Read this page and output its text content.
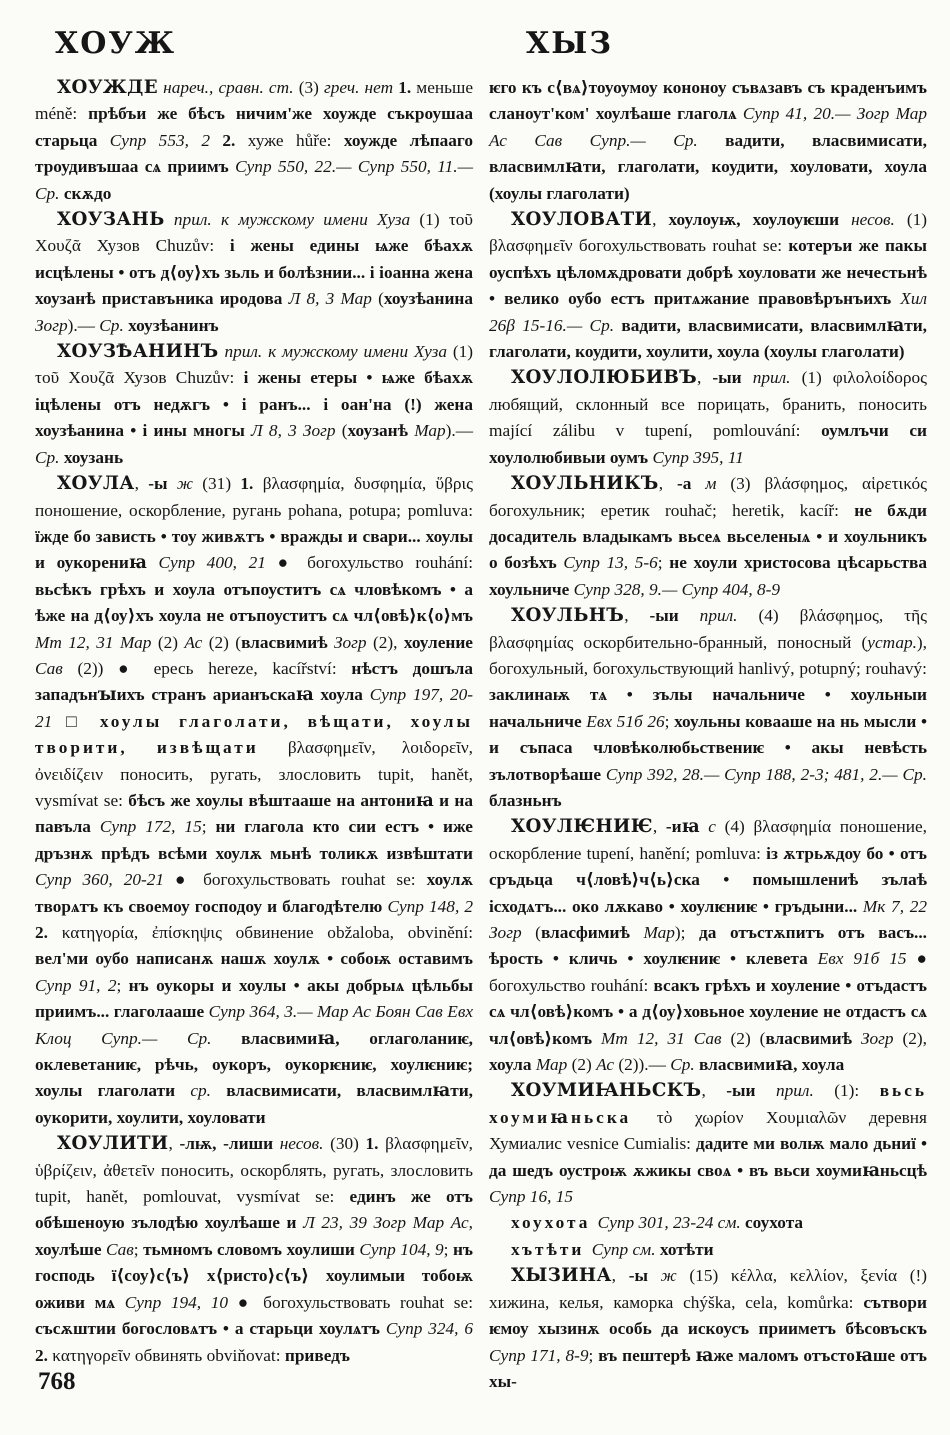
ХОУЖ	ХЫЗ

ХОУЖДЕ нареч., сравн. ст. (3) греч. нет 1. меньше méně: прѣбъи же бѣсъ ничим'же хоужде съкроушаа старьца Супр 553, 2 2. хуже hůře: хоужде лѣпааго троудивъшаа сѧ приимъ Супр 550, 22.— Супр 550, 11.— Ср. скѫдо

ХОУЗАНЬ прил. к мужскому имени Хуза (1) τοῦ Χουζᾶ Хузов Chuzův: і жены едины ѩже бѣахѫ исцѣлены • отъ д⟨оу⟩хъ зьль и болѣзнии... і іоанна жена хоузанѣ приставъника иродова Л 8, 3 Мар (хоузѣанина Зогр).— Ср. хоузѣанинъ

ХОУЗѢАНИНЪ прил. к мужскому имени Хуза (1) τοῦ Χουζᾶ Хузов Chuzův: і жены етеры • ѩже бѣахѫ іцѣлены отъ недѫгъ • і ранъ... і оан'на (!) жена хоузѣанина • і ины многы Л 8, 3 Зогр (хоузанѣ Мар).— Ср. хоузань

ХОУЛА, -ы ж (31) 1. βλασφημία, δυσφημία, ὕβρις поношение, оскорбление, ругань pohana, potupa; pomluva: їжде бо зависть • тоу живѫтъ • вражды и свари... хоулы и оукорениꙗ Супр 400, 21 ● богохульство rouhání: вьсѣкъ грѣхъ и хоула отъпоуститъ сѧ чловѣкомъ • а ѣже на д⟨оу⟩хъ хоула не отъпоуститъ сѧ чл⟨овѣ⟩к⟨о⟩мъ Мт 12, 31 Мар (2) Ас (2) (власвимиѣ Зогр (2), хоуление Сав (2)) ● ересь hereze, kacířství: нѣстъ дошъла западънꙑихъ странъ арианъскаꙗ хоула Супр 197, 20-21 □ хоулы глаголати, вѣщати, хоулы творити, извѣщати βλασφημεῖν, λοιδορεῖν, ὀνειδίζειν поносить, ругать, злословить tupit, hanět, vysmívat se: бѣсъ же хоулы вѣштааше на антониꙗ и на павъла Супр 172, 15; ни глагола кто сии естъ • иже дръзнѫ прѣдъ всѣми хоулѫ мьнѣ толикѫ извѣштати Супр 360, 20-21 ● богохульствовать rouhat se: хоулѫ творѧтъ къ своемоу господоу и благодѣтелю Супр 148, 2 2. κατηγορία, ἐπίσκηψις обвинение obžaloba, obvinění: вел'ми оубо написанѫ нашѫ хоулѫ • собоѭ оставимъ Супр 91, 2; нъ оукоры и хоулы • акы добрыѧ цѣльбы приимъ... глаголааше Супр 364, 3.— Мар Ас Боян Сав Евх Клоц Супр.— Ср. власвимиꙗ, оглаголаниѥ, оклеветаниѥ, рѣчь, оукоръ, оукорѥниѥ, хоулѥниѥ; хоулы глаголати ср. власвимисати, власвимлꙗти, оукорити, хоулити, хоуловати

ХОУЛИТИ, -лѭ, -лиши несов. (30) 1. βλασφημεῖν, ὑβρίζειν, ἀθετεῖν поносить, оскорблять, ругать, злословить tupit, hanět, pomlouvat, vysmívat se: единъ же отъ обѣшеноую зълодѣю хоулѣаше и Л 23, 39 Зогр Мар Ас, хоулѣше Сав; тьмномъ словомъ хоулиши Супр 104, 9; нъ господь ї⟨соу⟩с⟨ъ⟩ х⟨ристо⟩с⟨ъ⟩ хоулимыи тобоѭ оживи мѧ Супр 194, 10 ● богохульствовать rouhat se: съсѫштии богословѧтъ • а старьци хоулѧтъ Супр 324, 6 2. κατηγορεῖν обвинять obviňovat: приведъ

ѥго къ с⟨вѧ⟩тоуоумоу кононоу съвѧзавъ съ краденъимъ сланоут'ком' хоулѣаше глаголѧ Супр 41, 20.— Зогр Мар Ас Сав Супр.— Ср. вадити, власвимисати, власвимлꙗти, глаголати, коудити, хоуловати, хоула (хоулы глаголати)

ХОУЛОВАТИ, хоулоуѭ, хоулоуѥши несов. (1) βλασφημεῖν богохульствовать rouhat se: котеръи же пакы оуспѣхъ цѣломѫдровати добрѣ хоуловати же нечестьнѣ • велико оубо естъ притѧжание правовѣрънъихъ Хил 26β 15-16.— Ср. вадити, власвимисати, власвимлꙗти, глаголати, коудити, хоулити, хоула (хоулы глаголати)

ХОУЛОЛЮБИВЪ, -ыи прил. (1) φιλολοίδορος любящий, склонный все порицать, бранить, поносить mající zálibu v tupení, pomlouvání: оумлъчи си хоулолюбивыи оумъ Супр 395, 11

ХОУЛЬНИКЪ, -а м (3) βλάσφημος, αἱρετικός богохульник; еретик rouhač; heretik, kacíř: не бѫди досадитель владыкамъ вьсеѧ вьселеныѧ • и хоульникъ о бозѣхъ Супр 13, 5-6; не хоули христосова цѣсарьства хоульниче Супр 328, 9.— Супр 404, 8-9

ХОУЛЬНЪ, -ыи прил. (4) βλάσφημος, τῆς βλασφημίας оскорбительно-бранный, поносный (устар.), богохульный, богохульствующий hanlivý, potupný; rouhavý: заклинаѭ тѧ • зълы начальниче • хоульныи начальниче Евх 51б 26; хоульны ковааше на нь мысли • и съпаса чловѣколюбьствениѥ • акы невѣсть зълотворѣаше Супр 392, 28.— Супр 188, 2-3; 481, 2.— Ср. блазньнъ

ХОУЛѤНИѤ, -иꙗ с (4) βλασφημία поношение, оскорбление tupení, hanění; pomluva: із ѫтрьѫдоу бо • отъ сръдьца ч⟨ловѣ⟩ч⟨ь⟩ска • помышлениѣ зълаѣ ісходѧтъ... око лѫкаво • хоулѥниѥ • гръдыни... Мк 7, 22 Зогр (власфимиѣ Мар); да отъстѫпитъ отъ васъ... ѣрость • кличь • хоулѥниѥ • клевета Евх 91б 15 ● богохульство rouhání: всакъ грѣхъ и хоуление • отъдастъ сѧ чл⟨овѣ⟩комъ • а д⟨оу⟩ховьное хоуление не отдастъ сѧ чл⟨овѣ⟩комъ Мт 12, 31 Сав (2) (власвимиѣ Зогр (2), хоула Мар (2) Ас (2)).— Ср. власвимиꙗ, хоула

ХОУМИꙖНЬСКЪ, -ыи прил. (1): вьсь хоумиꙗньска τὸ χωρίον Χουμιαλῶν деревня Хумиалис vesnice Cumialis: дадите ми волѭ мало дьниї • да шедъ оустроѭ ѫжикы своѧ • въ вьси хоумиꙗньсцѣ Супр 16, 15

хоухота Супр 301, 23-24 см. соухота

хътѣти Супр см. хотѣти

ХЫЗИНА, -ы ж (15) κέλλα, κελλίον, ξενία (!) хижина, келья, каморка chýška, cela, komůrka: сътвори ѥмоу хызинѫ особь да искоусъ прииметъ бѣсовъскъ Супр 171, 8-9; въ пештерѣ ꙗже маломъ отъстоꙗше отъ хы-

768
